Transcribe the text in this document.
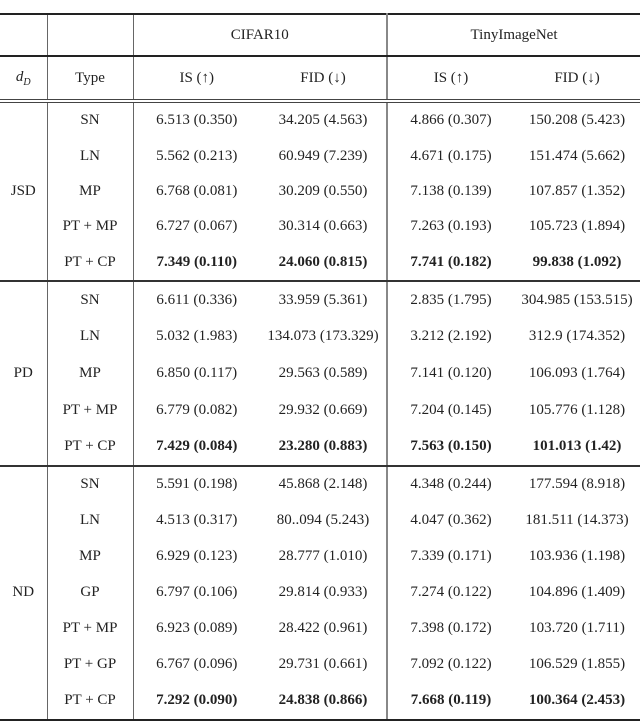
		CIFAR10		TinyImageNet	
$d_D$	Type	IS (↑)	FID (↓)	IS (↑)	FID (↓)
JSD	SN	6.513 (0.350)	34.205 (4.563)	4.866 (0.307)	150.208 (5.423)
	LN	5.562 (0.213)	60.949 (7.239)	4.671 (0.175)	151.474 (5.662)
	MP	6.768 (0.081)	30.209 (0.550)	7.138 (0.139)	107.857 (1.352)
	PT + MP	6.727 (0.067)	30.314 (0.663)	7.263 (0.193)	105.723 (1.894)
	PT + CP	7.349 (0.110)	24.060 (0.815)	7.741 (0.182)	99.838 (1.092)
PD	SN	6.611 (0.336)	33.959 (5.361)	2.835 (1.795)	304.985 (153.515)
	LN	5.032 (1.983)	134.073 (173.329)	3.212 (2.192)	312.9 (174.352)
	MP	6.850 (0.117)	29.563 (0.589)	7.141 (0.120)	106.093 (1.764)
	PT + MP	6.779 (0.082)	29.932 (0.669)	7.204 (0.145)	105.776 (1.128)
	PT + CP	7.429 (0.084)	23.280 (0.883)	7.563 (0.150)	101.013 (1.42)
ND	SN	5.591 (0.198)	45.868 (2.148)	4.348 (0.244)	177.594 (8.918)
	LN	4.513 (0.317)	80..094 (5.243)	4.047 (0.362)	181.511 (14.373)
	MP	6.929 (0.123)	28.777 (1.010)	7.339 (0.171)	103.936 (1.198)
	GP	6.797 (0.106)	29.814 (0.933)	7.274 (0.122)	104.896 (1.409)
	PT + MP	6.923 (0.089)	28.422 (0.961)	7.398 (0.172)	103.720 (1.711)
	PT + GP	6.767 (0.096)	29.731 (0.661)	7.092 (0.122)	106.529 (1.855)
	PT + CP	7.292 (0.090)	24.838 (0.866)	7.668 (0.119)	100.364 (2.453)
